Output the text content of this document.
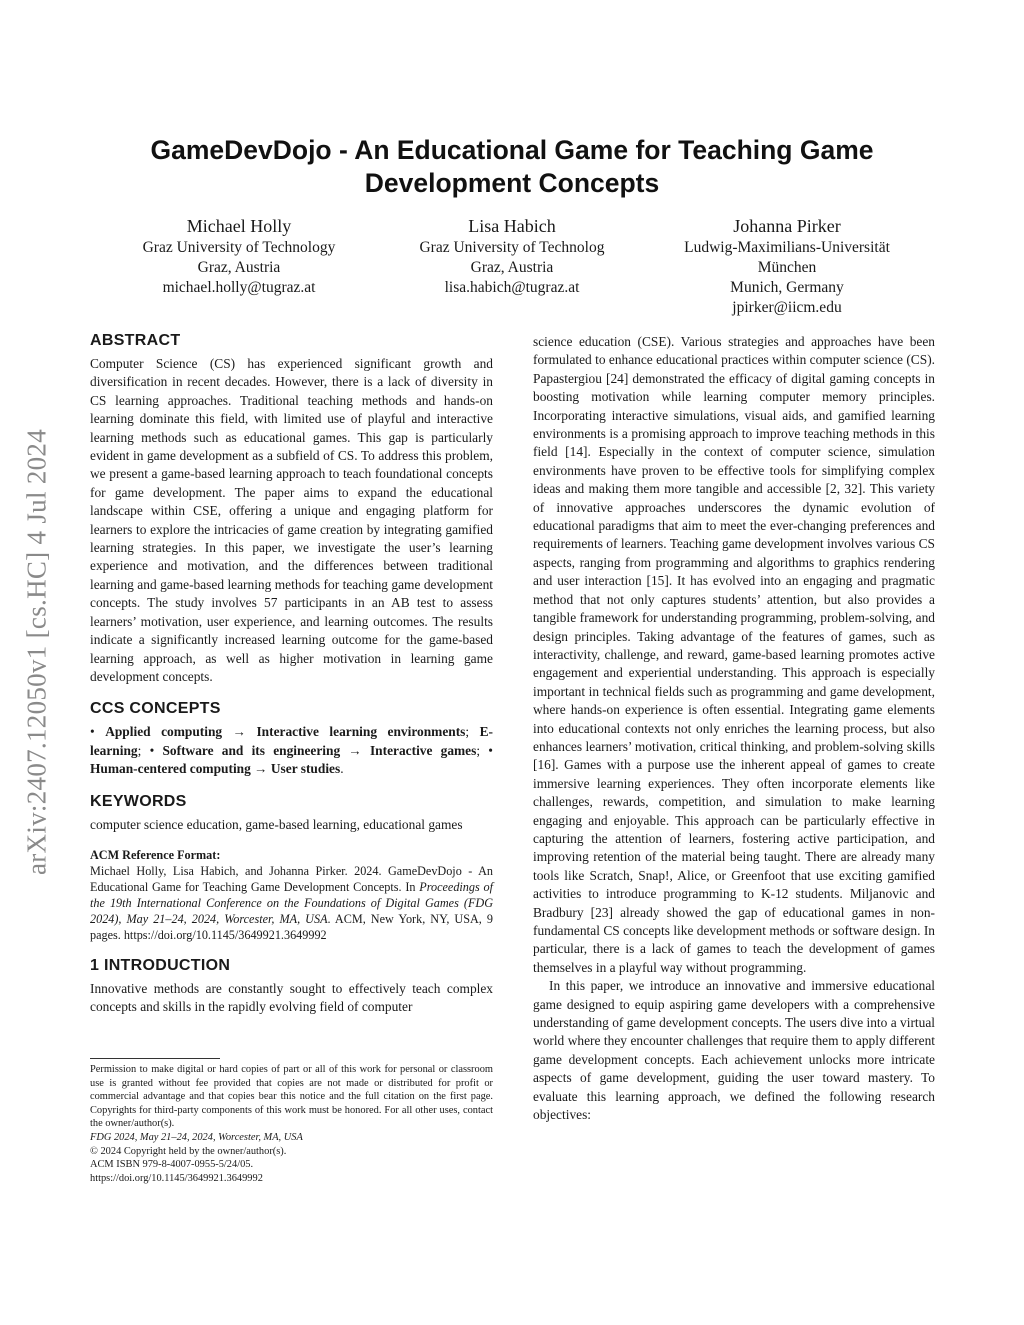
arXiv:2407.12050v1 [cs.HC] 4 Jul 2024
GameDevDojo - An Educational Game for Teaching Game Development Concepts
Michael Holly
Graz University of Technology
Graz, Austria
michael.holly@tugraz.at
Lisa Habich
Graz University of Technolog
Graz, Austria
lisa.habich@tugraz.at
Johanna Pirker
Ludwig-Maximilians-Universität
München
Munich, Germany
jpirker@iicm.edu
ABSTRACT

Computer Science (CS) has experienced significant growth and diversification in recent decades. However, there is a lack of diversity in CS learning approaches. Traditional teaching methods and hands-on learning dominate this field, with limited use of playful and interactive learning methods such as educational games. This gap is particularly evident in game development as a subfield of CS. To address this problem, we present a game-based learning approach to teach foundational concepts for game development. The paper aims to expand the educational landscape within CSE, offering a unique and engaging platform for learners to explore the intricacies of game creation by integrating gamified learning strategies. In this paper, we investigate the user’s learning experience and motivation, and the differences between traditional learning and game-based learning methods for teaching game development concepts. The study involves 57 participants in an AB test to assess learners’ motivation, user experience, and learning outcomes. The results indicate a significantly increased learning outcome for the game-based learning approach, as well as higher motivation in learning game development concepts.

CCS CONCEPTS

• Applied computing → Interactive learning environments; E-learning; • Software and its engineering → Interactive games; • Human-centered computing → User studies.

KEYWORDS

computer science education, game-based learning, educational games

ACM Reference Format:

Michael Holly, Lisa Habich, and Johanna Pirker. 2024. GameDevDojo - An Educational Game for Teaching Game Development Concepts. In Proceedings of the 19th International Conference on the Foundations of Digital Games (FDG 2024), May 21–24, 2024, Worcester, MA, USA. ACM, New York, NY, USA, 9 pages. https://doi.org/10.1145/3649921.3649992

1 INTRODUCTION

Innovative methods are constantly sought to effectively teach complex concepts and skills in the rapidly evolving field of computer

Permission to make digital or hard copies of part or all of this work for personal or classroom use is granted without fee provided that copies are not made or distributed for profit or commercial advantage and that copies bear this notice and the full citation on the first page. Copyrights for third-party components of this work must be honored. For all other uses, contact the owner/author(s).

FDG 2024, May 21–24, 2024, Worcester, MA, USA

© 2024 Copyright held by the owner/author(s).

ACM ISBN 979-8-4007-0955-5/24/05.

https://doi.org/10.1145/3649921.3649992

science education (CSE). Various strategies and approaches have been formulated to enhance educational practices within computer science (CS). Papastergiou [24] demonstrated the efficacy of digital gaming concepts in boosting motivation while learning computer memory principles. Incorporating interactive simulations, visual aids, and gamified learning environments is a promising approach to improve teaching methods in this field [14]. Especially in the context of computer science, simulation environments have proven to be effective tools for simplifying complex ideas and making them more tangible and accessible [2, 32]. This variety of innovative approaches underscores the dynamic evolution of educational paradigms that aim to meet the ever-changing preferences and requirements of learners. Teaching game development involves various CS aspects, ranging from programming and algorithms to graphics rendering and user interaction [15]. It has evolved into an engaging and pragmatic method that not only captures students’ attention, but also provides a tangible framework for understanding programming, problem-solving, and design principles. Taking advantage of the features of games, such as interactivity, challenge, and reward, game-based learning promotes active engagement and experiential understanding. This approach is especially important in technical fields such as programming and game development, where hands-on experience is often essential. Integrating game elements into educational contexts not only enriches the learning process, but also enhances learners’ motivation, critical thinking, and problem-solving skills [16]. Games with a purpose use the inherent appeal of games to create immersive learning experiences. They often incorporate elements like challenges, rewards, competition, and simulation to make learning engaging and enjoyable. This approach can be particularly effective in capturing the attention of learners, fostering active participation, and improving retention of the material being taught. There are already many tools like Scratch, Snap!, Alice, or Greenfoot that use exciting gamified activities to introduce programming to K-12 students. Miljanovic and Bradbury [23] already showed the gap of educational games in non-fundamental CS concepts like development methods or software design. In particular, there is a lack of games to teach the development of games themselves in a playful way without programming.

In this paper, we introduce an innovative and immersive educational game designed to equip aspiring game developers with a comprehensive understanding of game development concepts. The users dive into a virtual world where they encounter challenges that require them to apply different game development concepts. Each achievement unlocks more intricate aspects of game development, guiding the user toward mastery. To evaluate this learning approach, we defined the following research objectives:
